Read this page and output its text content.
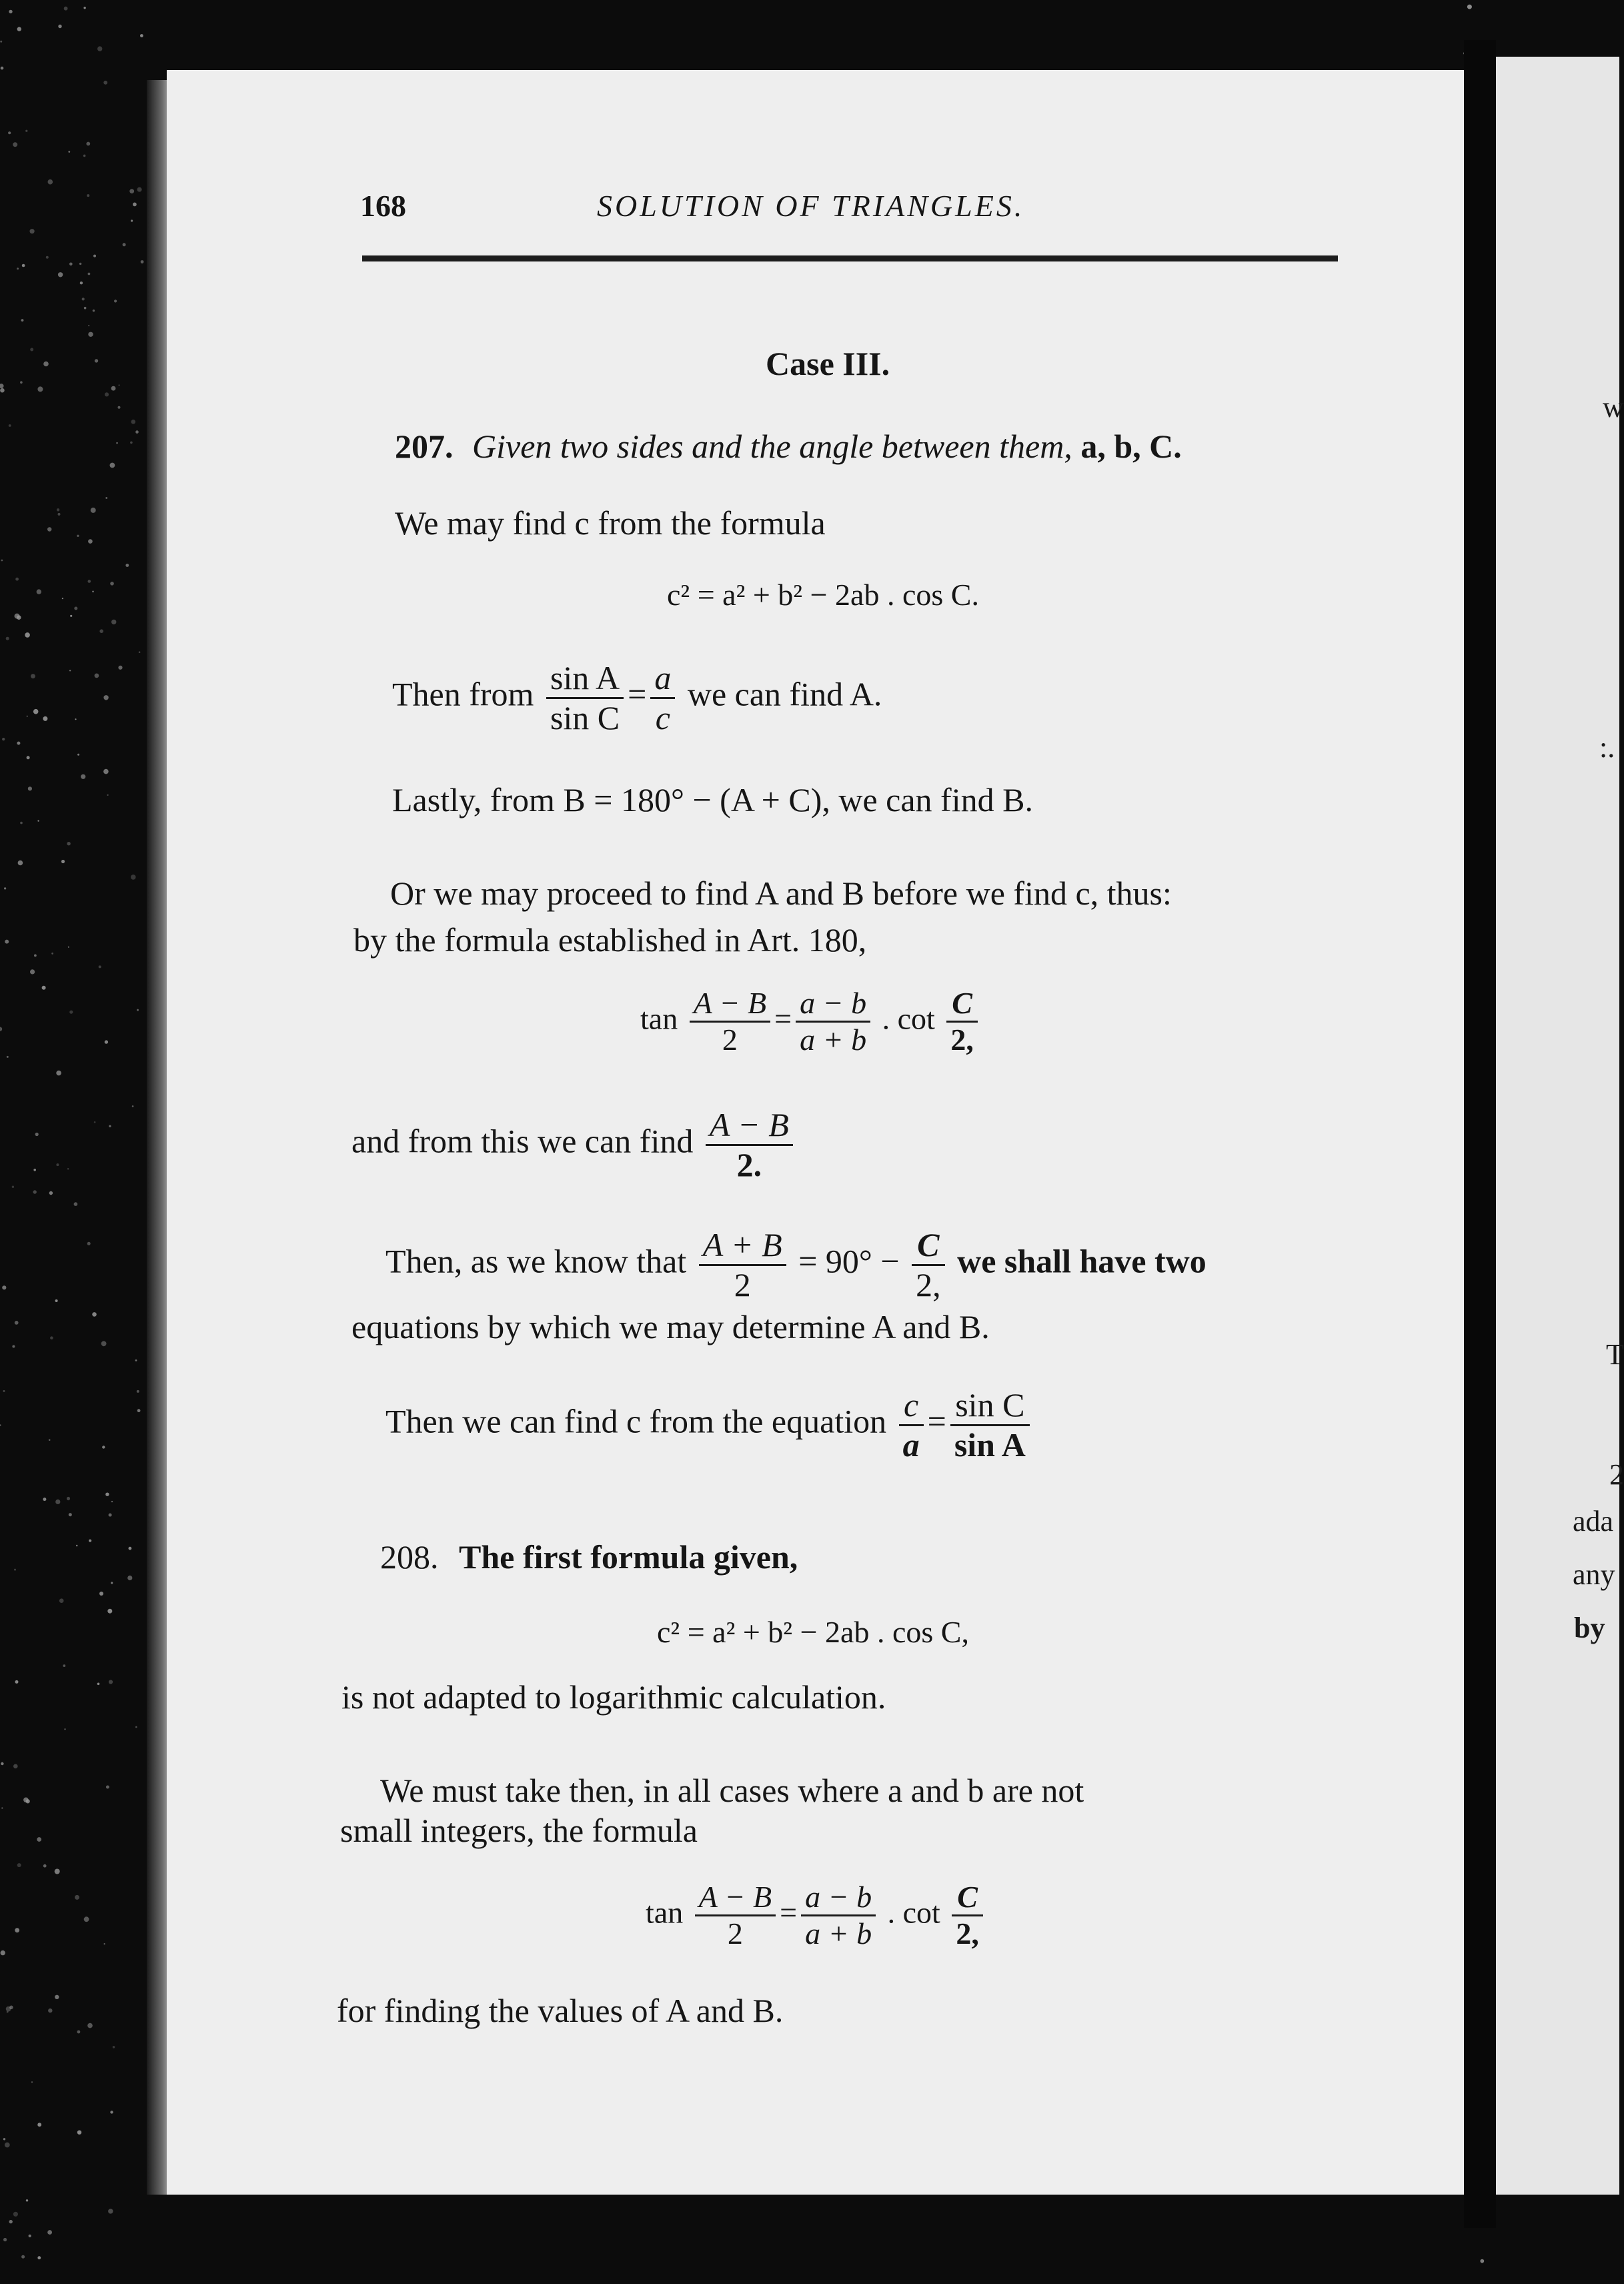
w
:.
T
2
ada
any
by
168	SOLUTION OF TRIANGLES.
Case III.
207. Given two sides and the angle between them, a, b, C.
We may find c from the formula
c² = a² + b² − 2ab . cos C.
Then from $\frac{\text{sin A}}{\text{sin C}} = \frac{a}{c}$ we can find A.
Lastly, from B = 180° − (A + C), we can find B.
Or we may proceed to find A and B before we find c, thus:
by the formula established in Art. 180,
$\tan \frac{A - B}{2} = \frac{a - b}{a + b}$ . $\cot \frac{C}{2,}$
and from this we can find $\frac{A - B}{2.}$
Then, as we know that $\frac{A + B}{2} = 90^\circ - \frac{C}{2,}$ we shall have two
equations by which we may determine A and B.
Then we can find c from the equation $\frac{c}{a} = \frac{\text{sin C}}{\text{sin A}}$
208. The first formula given,
c² = a² + b² − 2ab . cos C,
is not adapted to logarithmic calculation.
We must take then, in all cases where a and b are not
small integers, the formula
$\tan \frac{A - B}{2} = \frac{a - b}{a + b}$ . $\cot \frac{C}{2,}$
for finding the values of A and B.
